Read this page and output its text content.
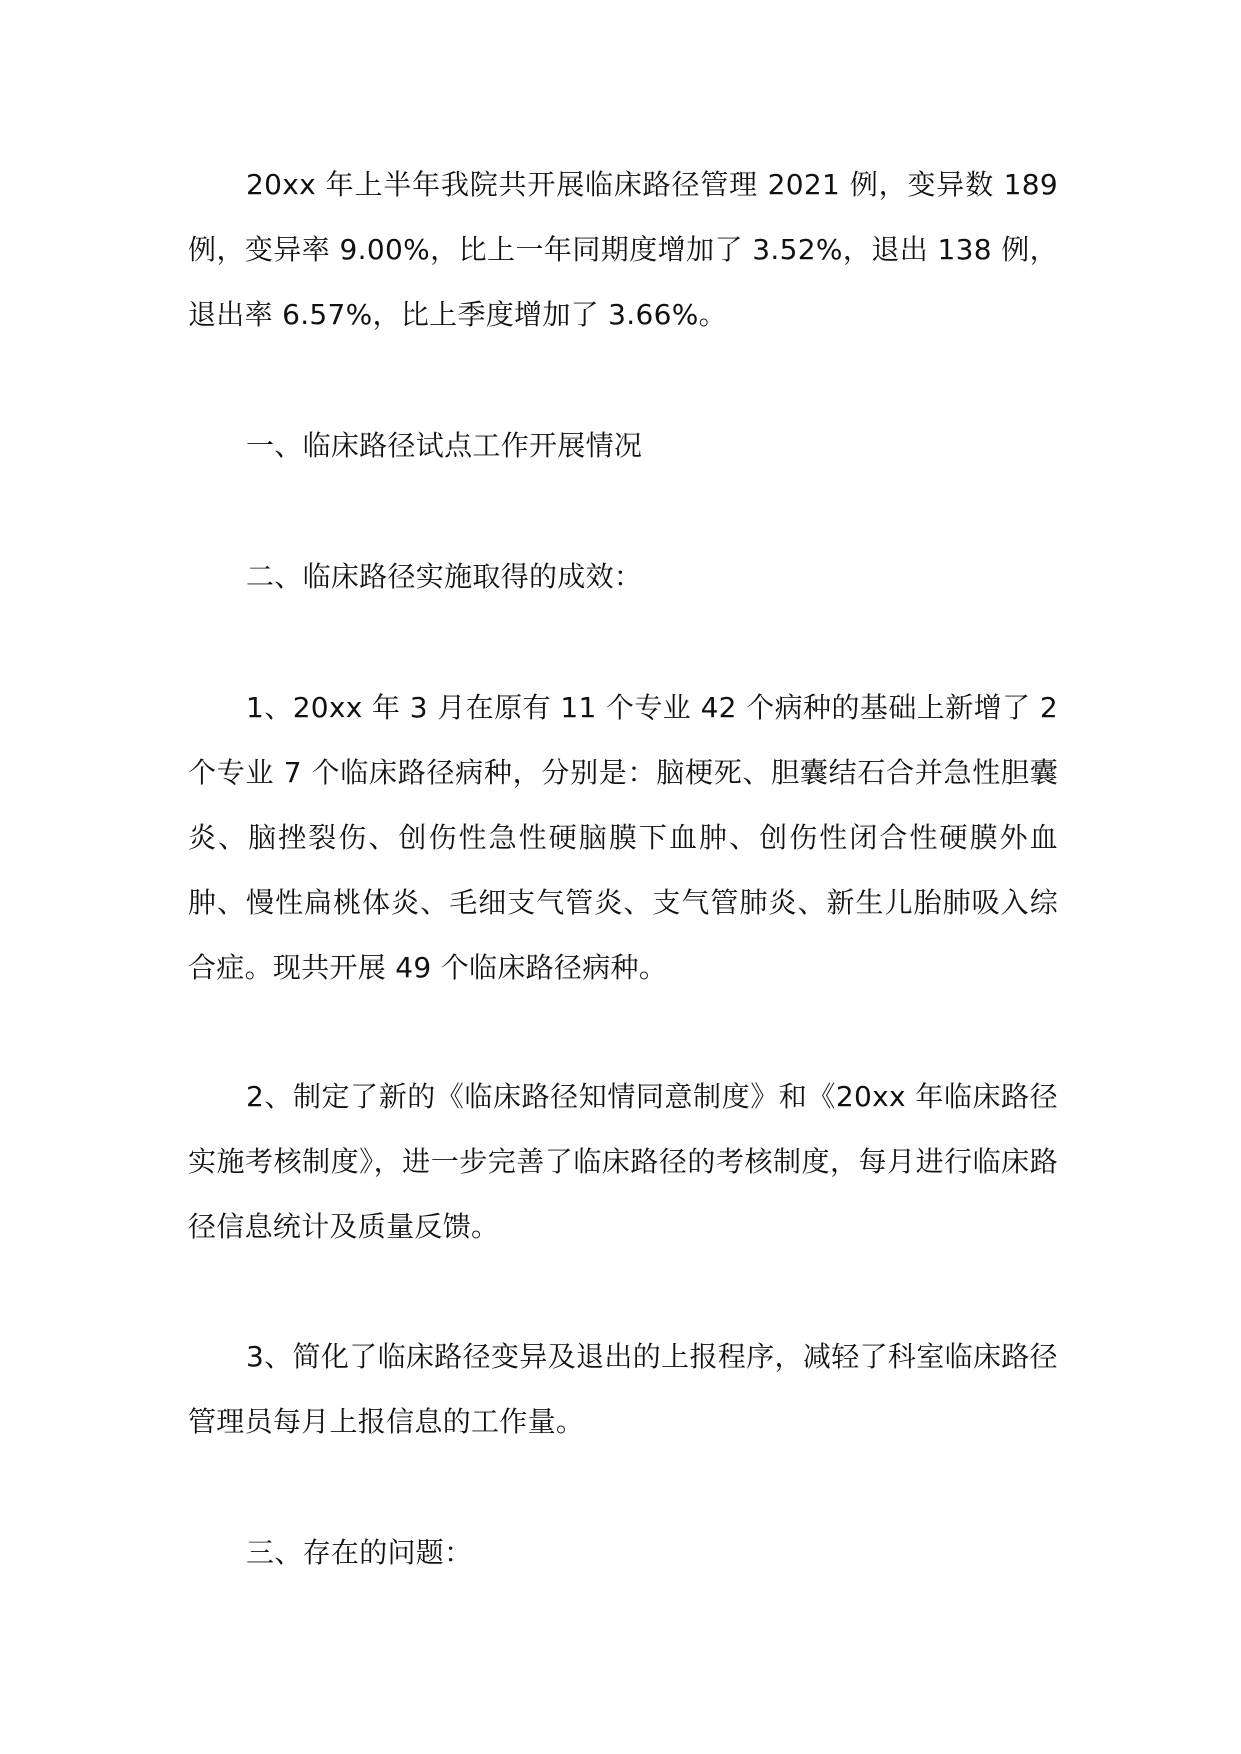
20xx 年上半年我院共开展临床路径管理 2021 例，变异数 189 例，变异率 9.00%，比上一年同期度增加了 3.52%，退出 138 例，退出率 6.57%，比上季度增加了 3.66%。

一、临床路径试点工作开展情况

二、临床路径实施取得的成效：

1、20xx 年 3 月在原有 11 个专业 42 个病种的基础上新增了 2 个专业 7 个临床路径病种，分别是：脑梗死、胆囊结石合并急性胆囊炎、脑挫裂伤、创伤性急性硬脑膜下血肿、创伤性闭合性硬膜外血肿、慢性扁桃体炎、毛细支气管炎、支气管肺炎、新生儿胎肺吸入综合症。现共开展 49 个临床路径病种。

2、制定了新的《临床路径知情同意制度》和《20xx 年临床路径实施考核制度》，进一步完善了临床路径的考核制度，每月进行临床路径信息统计及质量反馈。

3、简化了临床路径变异及退出的上报程序，减轻了科室临床路径管理员每月上报信息的工作量。

三、存在的问题：
